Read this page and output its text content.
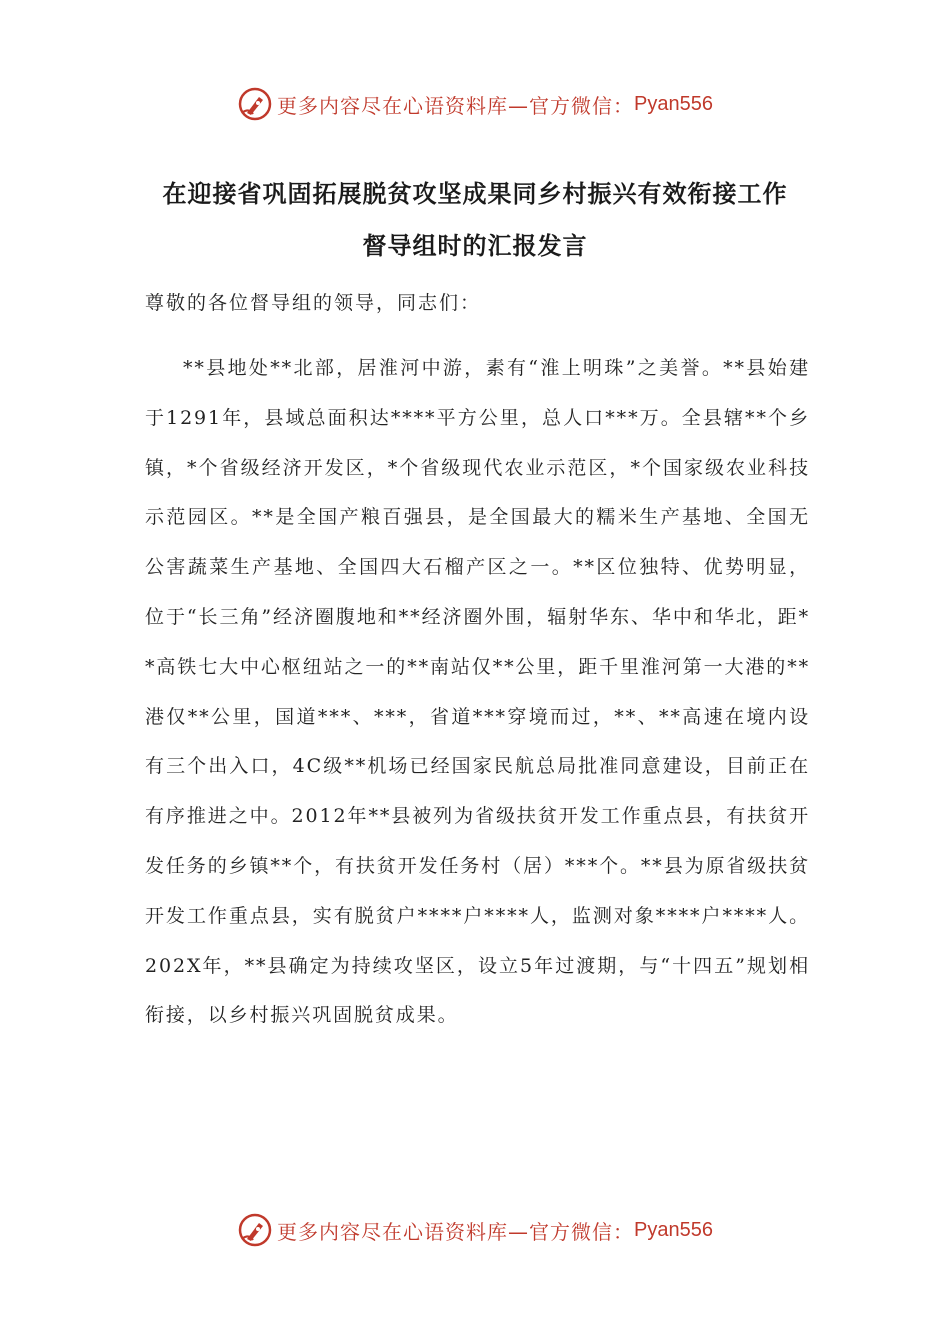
更多内容尽在心语资料库—官方微信： Pyan556
在迎接省巩固拓展脱贫攻坚成果同乡村振兴有效衔接工作
督导组时的汇报发言
尊敬的各位督导组的领导，同志们：

**县地处**北部，居淮河中游，素有“淮上明珠”之美誉。**县始建于1291年，县域总面积达****平方公里，总人口***万。全县辖**个乡镇，*个省级经济开发区，*个省级现代农业示范区，*个国家级农业科技示范园区。**是全国产粮百强县，是全国最大的糯米生产基地、全国无公害蔬菜生产基地、全国四大石榴产区之一。**区位独特、优势明显，位于“长三角”经济圈腹地和**经济圈外围，辐射华东、华中和华北，距**高铁七大中心枢纽站之一的**南站仅**公里，距千里淮河第一大港的**港仅**公里，国道***、***，省道***穿境而过，**、**高速在境内设有三个出入口，4C级**机场已经国家民航总局批准同意建设，目前正在有序推进之中。2012年**县被列为省级扶贫开发工作重点县，有扶贫开发任务的乡镇**个，有扶贫开发任务村（居）***个。**县为原省级扶贫开发工作重点县，实有脱贫户****户****人，监测对象****户****人。202X年，**县确定为持续攻坚区，设立5年过渡期，与“十四五”规划相衔接，以乡村振兴巩固脱贫成果。

更多内容尽在心语资料库—官方微信： Pyan556
